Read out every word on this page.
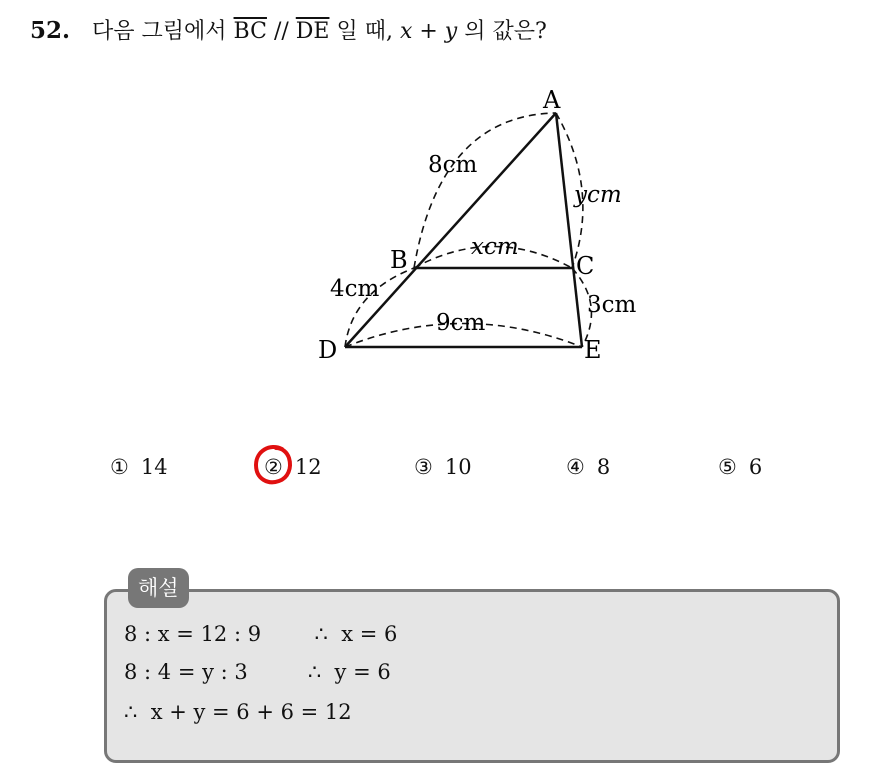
52. 다음 그림에서 $\overline{BC} // \overline{DE}$ 일 때, x + y 의 값은?
A
B	C
D	E
8cm
ycm
xcm
4cm
3cm
9cm
① 14	② 12	③ 10	④ 8	⑤ 6
해설
8 : x = 12 : 9        ∴  x = 6
8 : 4 = y : 3         ∴  y = 6
∴  x + y = 6 + 6 = 12
